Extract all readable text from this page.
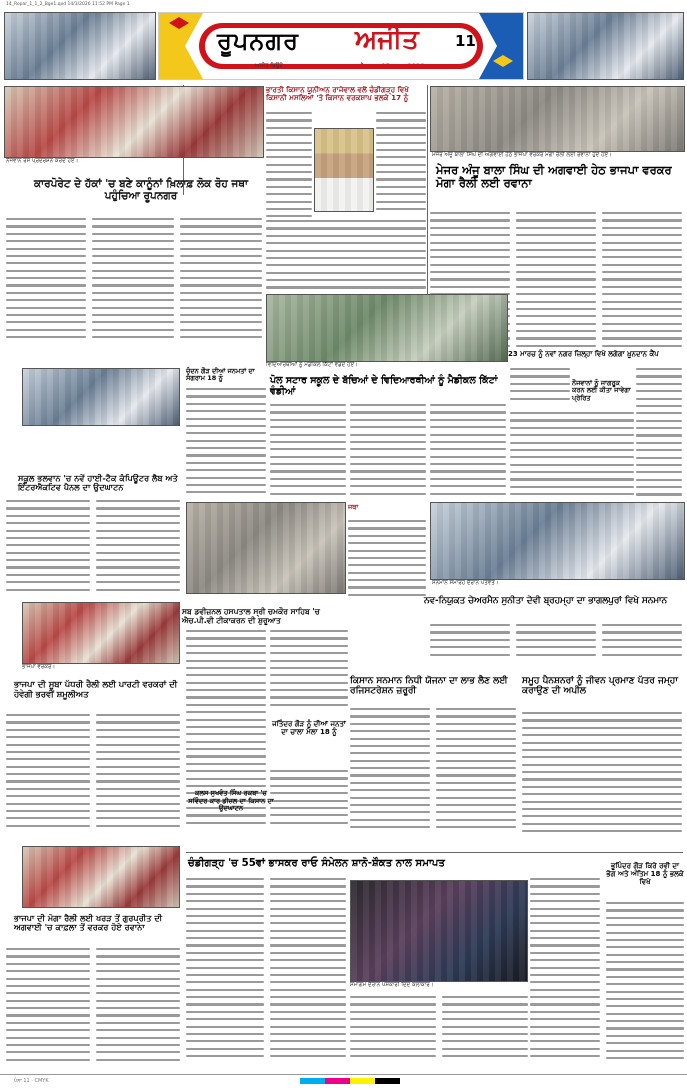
14_Ropar_1_1_2_Bge1.qxd 14/3/2026 11:52 PM Page 1
ਰੂਪਨਗਰ ਅਜੀਤ
ਅਜੀਤ ਬਿਊਰੋ	ਐਤਵਾਰ, 15 ਮਾਰਚ 2026
11
ਨੌਜਵਾਨ ਰੋਸ ਪ੍ਰਦਰਸ਼ਨ ਕਰਦੇ ਹੋਏ।
ਭਾਰਤੀ ਕਿਸਾਨ ਯੂਨੀਅਨ ਰਾਜੇਵਾਲ ਵਲੋਂ ਚੰਡੀਗੜ੍ਹ ਵਿਖੇ ਕਿਸਾਨੀ ਮਸਲਿਆਂ 'ਤੇ ਕਿਸਾਨ ਵਰਕਸ਼ਾਪ ਭਲਕੇ 17 ਨੂੰ
ਕਾਰਪੋਰੇਟ ਦੇ ਹੱਕਾਂ 'ਚ ਬਣੇ ਕਾਨੂੰਨਾਂ ਖ਼ਿਲਾਫ਼ ਲੋਕ ਰੋਹ ਜਥਾ ਪਹੁੰਚਿਆ ਰੂਪਨਗਰ
ਮੇਜਰ ਅੰਜੂ ਬਾਲਾ ਸਿੰਘ ਦੀ ਅਗਵਾਈ ਹੇਠ ਭਾਜਪਾ ਵਰਕਰ ਮੋਗਾ ਰੈਲੀ ਲਈ ਰਵਾਨਾ ਹੁੰਦੇ ਹੋਏ।
ਮੇਜਰ ਅੰਜੂ ਬਾਲਾ ਸਿੰਘ ਦੀ ਅਗਵਾਈ ਹੇਠ ਭਾਜਪਾ ਵਰਕਰ ਮੋਗਾ ਰੈਲੀ ਲਈ ਰਵਾਨਾ
ਵਿਦਿਆਰਥੀਆਂ ਨੂੰ ਮੈਡੀਕਲ ਕਿੱਟਾਂ ਵੰਡਦੇ ਹੋਏ।
23 ਮਾਰਚ ਨੂੰ ਨਵਾਂ ਨਗਰ ਜ਼ਿਲ੍ਹਾ ਵਿਖੇ ਲਗੇਗਾ ਖ਼ੂਨਦਾਨ ਕੈਂਪ
ਨੌਜਵਾਨਾਂ ਨੂੰ ਜਾਗਰੂਕ ਕਰਨ ਲਈ ਕੀਤਾ ਜਾਵੇਗਾ ਪ੍ਰੇਰਿਤ
ਸਕੂਲ ਭਲਵਾਨ 'ਚ ਨਵੇਂ ਹਾਈ-ਟੈਕ ਕੰਪਿਊਟਰ ਲੈਬ ਅਤੇ ਇੰਟਰਐਕਟਿਵ ਪੈਨਲ ਦਾ ਉਦਘਾਟਨ
ਚੰਦਨ ਗੌੜ ਦੀਆਂ ਜਨਮਤਾਂ ਦਾ ਸੰਗਰਾਮ 18 ਨੂੰ	ਪੋਲ ਸਟਾਰ ਸਕੂਲ ਦੇ ਬੱਚਿਆਂ ਦੇ ਵਿਦਿਆਰਥੀਆਂ ਨੂੰ ਮੈਡੀਕਲ ਕਿੱਟਾਂ ਵੰਡੀਆਂ
ਸਬ ਡਵੀਜ਼ਨਲ ਹਸਪਤਾਲ ਸ੍ਰੀ ਚਮਕੌਰ ਸਾਹਿਬ 'ਚ ਐਚ.ਪੀ.ਵੀ ਟੀਕਾਕਰਨ ਦੀ ਸ਼ੁਰੂਆਤ
ਜਥਾ
ਸਨਮਾਨ ਸਮਾਰੋਹ ਦੌਰਾਨ ਪਤਵੰਤੇ।
ਨਵ-ਨਿਯੁਕਤ ਚੇਅਰਮੈਨ ਸੁਨੀਤਾ ਦੇਵੀ ਬ੍ਰਹਮ੍ਹਾ ਦਾ ਭਾਗਲਪੁਰਾਂ ਵਿਖੇ ਸਨਮਾਨ
ਭਾਜਪਾ ਵਰਕਰ।
ਭਾਜਪਾ ਦੀ ਸੂਬਾ ਪੱਧਰੀ ਰੈਲੀ ਲਈ ਪਾਰਟੀ ਵਰਕਰਾਂ ਦੀ ਹੋਵੇਗੀ ਭਰਵੀਂ ਸ਼ਮੂਲੀਅਤ
ਜਤਿੰਦਰ ਗੌੜ ਨੂੰ ਦੀਆਂ ਜਨਤਾਂ ਦਾ ਚਾਲਾ ਮੇਲਾ 18 ਨੂੰ
ਕਲਸ ਸੁਖਵੰਤ ਸਿੰਘ ਰਕਬਾ 'ਚ ਸਵਿੰਦਰ ਕਾਰ ਡੀਜ਼ਲ ਦਾ ਕਿਸਾਨ ਦਾ ਉਦਘਾਟਨ
ਕਿਸਾਨ ਸਨਮਾਨ ਨਿਧੀ ਯੋਜਨਾ ਦਾ ਲਾਭ ਲੈਣ ਲਈ ਰਜਿਸਟਰੇਸ਼ਨ ਜ਼ਰੂਰੀ
ਸਮੂਹ ਪੈਨਸ਼ਨਰਾਂ ਨੂੰ ਜੀਵਨ ਪ੍ਰਮਾਣ ਪੱਤਰ ਜਮ੍ਹਾ ਕਰਾਉਣ ਦੀ ਅਪੀਲ
ਭਾਜਪਾ ਦੀ ਮੋਗਾ ਰੈਲੀ ਲਈ ਖਰੜ ਤੋਂ ਗੁਰਪ੍ਰੀਤ ਦੀ ਅਗਵਾਈ 'ਚ ਕਾਫ਼ਲਾ ਤੋਂ ਵਰਕਰ ਹੋਏ ਰਵਾਨਾ
ਚੰਡੀਗੜ੍ਹ 'ਚ 55ਵਾਂ ਭਾਸਕਰ ਰਾਓ ਸੰਮੇਲਨ ਸ਼ਾਨੋ-ਸ਼ੌਕਤ ਨਾਲ ਸਮਾਪਤ
ਸਮਾਗਮ ਦੌਰਾਨ ਪੇਸ਼ਕਾਰੀ ਦਿੰਦੇ ਕਲਾਕਾਰ।
ਭੂਪਿੰਦਰ ਗੌੜ ਕਿਰੇ ਰਵੀ ਦਾ ਭੋਗ ਅਤੇ ਅੰਤਿਮ 18 ਨੂੰ ਭਲਕੇ ਵਿਖੇ
ਪੰਨਾ 11 · CMYK
